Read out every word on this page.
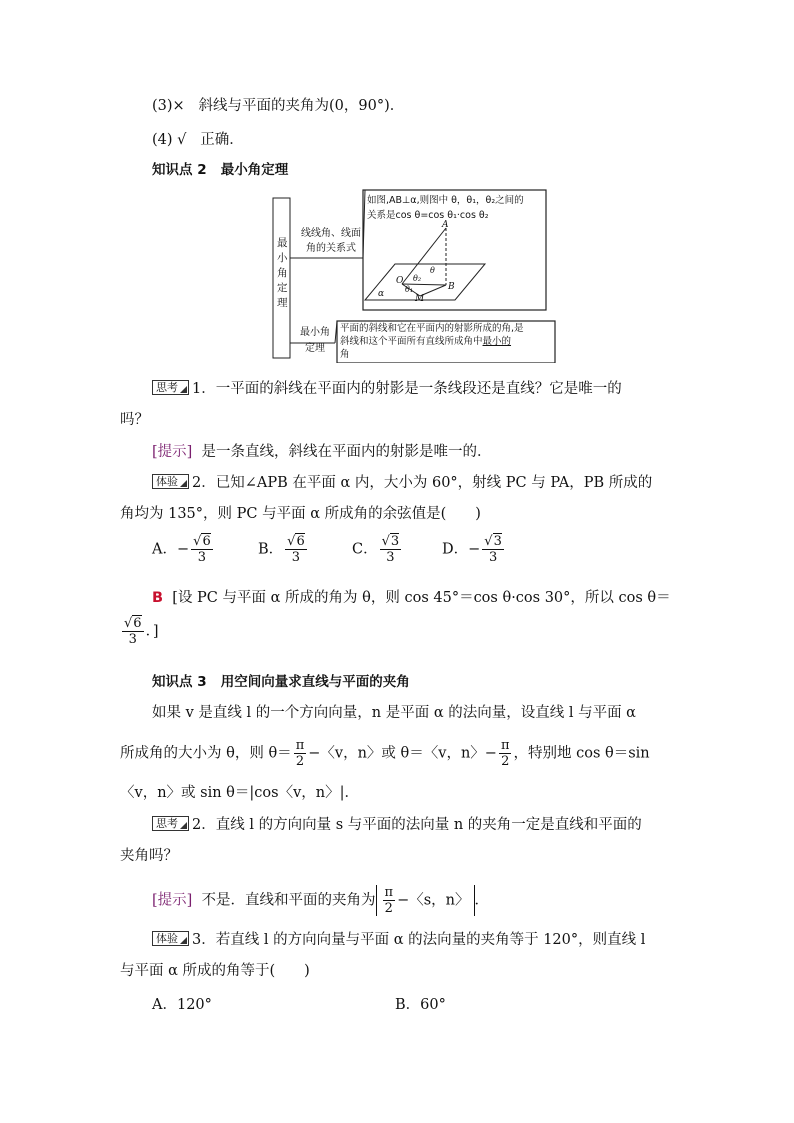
(3)× 斜线与平面的夹角为(0，90°)．
(4) √ 正确．
知识点 2 最小角定理
最
小
角
定
理
线线角、线面
角的关系式
如图,AB⊥α,则图中 θ，θ₁，θ₂之间的
关系是cos θ=cos θ₁·cos θ₂
A
θ
θ₂
O
θ₁	B
M
α
最小角
定理
平面的斜线和它在平面内的射影所成的角,是
斜线和这个平面所有直线所成角中最小的
角
思考 1．一平面的斜线在平面内的射影是一条线段还是直线？它是唯一的
吗？
[提示] 是一条直线，斜线在平面内的射影是唯一的．
体验 2．已知∠APB 在平面 α 内，大小为 60°，射线 PC 与 PA，PB 所成的
角均为 135°，则 PC 与平面 α 所成角的余弦值是(　　)
A．− $\frac{√6}{3}$	B． $\frac{√6}{3}$	C． $\frac{√3}{3}$	D．− $\frac{√3}{3}$
B [设 PC 与平面 α 所成的角为 θ，则 cos 45°＝cos θ·cos 30°，所以 cos θ＝
$\frac{√6}{3}$ ．]
知识点 3 用空间向量求直线与平面的夹角
如果 v 是直线 l 的一个方向向量，n 是平面 α 的法向量，设直线 l 与平面 α
所成角的大小为 θ，则 $\theta= \frac{\pi}{2}$ −〈v，n〉或 θ＝〈v，n〉− $\frac{\pi}{2}$ ，特别地 cos θ＝sin
〈v，n〉或 sin θ＝|cos〈v，n〉|．
思考 2．直线 l 的方向向量 s 与平面的法向量 n 的夹角一定是直线和平面的
夹角吗？
[提示] 不是．直线和平面的夹角为 $\frac{\pi}{2}$ −〈s，n〉 ．
体验 3．若直线 l 的方向向量与平面 α 的法向量的夹角等于 120°，则直线 l
与平面 α 所成的角等于(　　)
A．120°	B．60°
